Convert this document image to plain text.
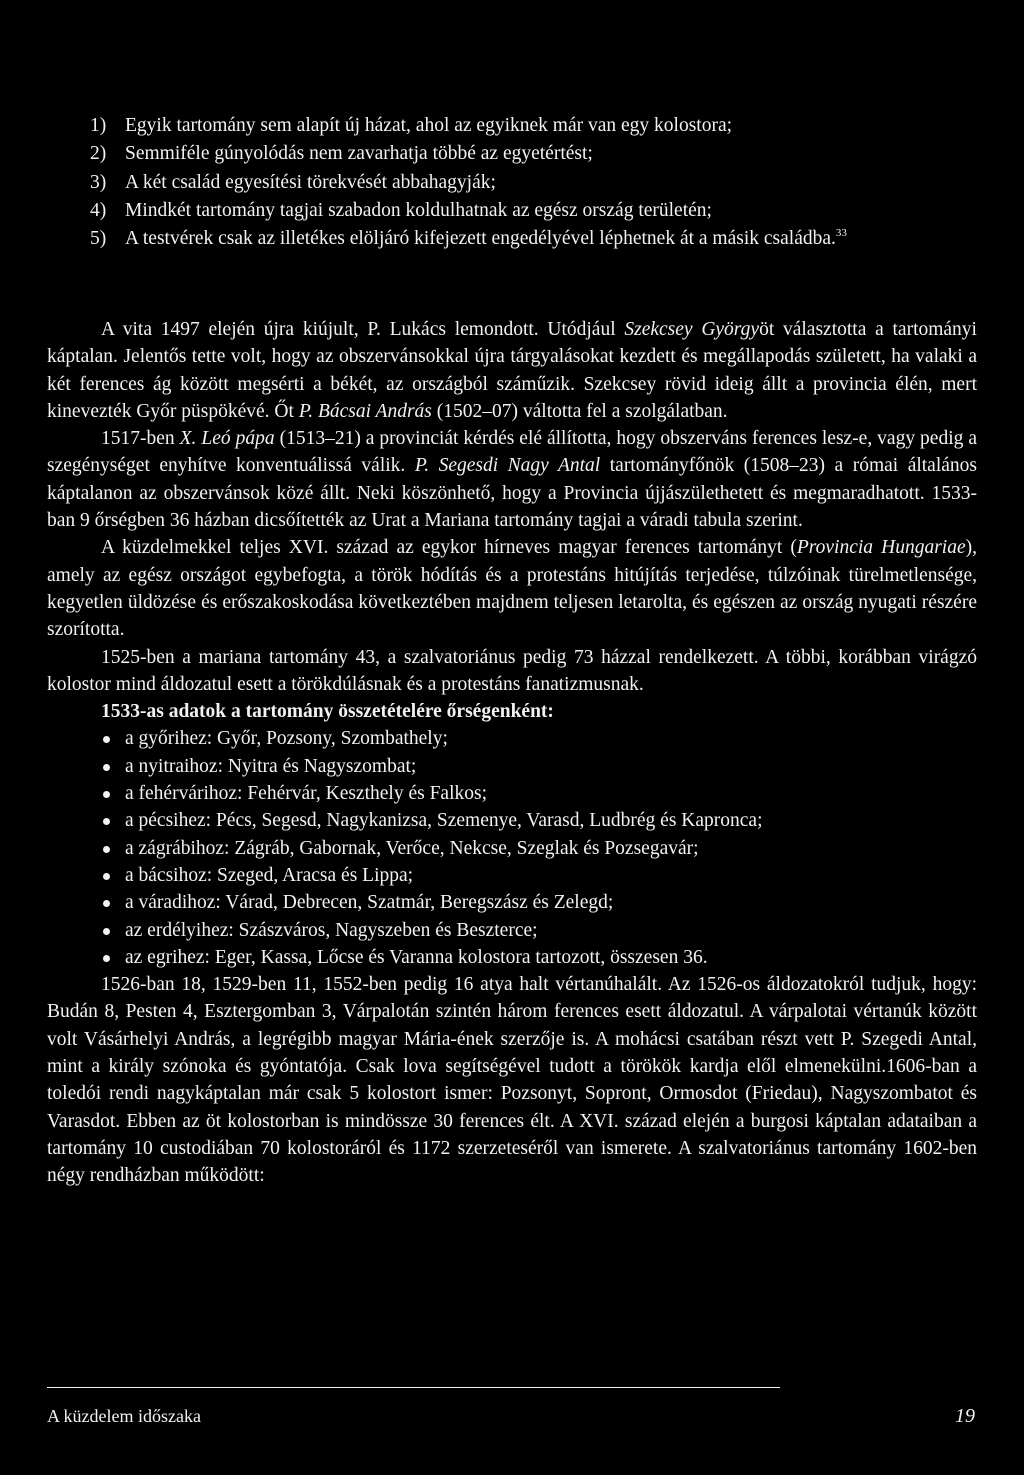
1) Egyik tartomány sem alapít új házat, ahol az egyiknek már van egy kolostora;
2) Semmiféle gúnyolódás nem zavarhatja többé az egyetértést;
3) A két család egyesítési törekvését abbahagyják;
4) Mindkét tartomány tagjai szabadon koldulhatnak az egész ország területén;
5) A testvérek csak az illetékes elöljáró kifejezett engedélyével léphetnek át a másik családba.$^{33}$

A vita 1497 elején újra kiújult, P. Lukács lemondott. Utódjául Szekcsey Györgyöt választotta a tartományi káptalan. Jelentős tette volt, hogy az obszervánsokkal újra tárgyalásokat kezdett és megállapodás született, ha valaki a két ferences ág között megsérti a békét, az országból száműzik. Szekcsey rövid ideig állt a provincia élén, mert kinevezték Győr püspökévé. Őt P. Bácsai András (1502–07) váltotta fel a szolgálatban.

1517-ben X. Leó pápa (1513–21) a provinciát kérdés elé állította, hogy obszerváns ferences lesz-e, vagy pedig a szegénységet enyhítve konventuálissá válik. P. Segesdi Nagy Antal tartományfőnök (1508–23) a római általános káptalanon az obszervánsok közé állt. Neki köszönhető, hogy a Provincia újjászülethetett és megmaradhatott. 1533-ban 9 őrségben 36 házban dicsőítették az Urat a Mariana tartomány tagjai a váradi tabula szerint.

A küzdelmekkel teljes XVI. század az egykor hírneves magyar ferences tartományt (Provincia Hungariae), amely az egész országot egybefogta, a török hódítás és a protestáns hitújítás terjedése, túlzóinak türelmetlensége, kegyetlen üldözése és erőszakoskodása következtében majdnem teljesen letarolta, és egészen az ország nyugati részére szorította.

1525-ben a mariana tartomány 43, a szalvatoriánus pedig 73 házzal rendelkezett. A többi, korábban virágzó kolostor mind áldozatul esett a törökdúlásnak és a protestáns fanatizmusnak.

1533-as adatok a tartomány összetételére őrségenként:

a győrihez: Győr, Pozsony, Szombathely;
a nyitraihoz: Nyitra és Nagyszombat;
a fehérvárihoz: Fehérvár, Keszthely és Falkos;
a pécsihez: Pécs, Segesd, Nagykanizsa, Szemenye, Varasd, Ludbrég és Kapronca;
a zágrábihoz: Zágráb, Gabornak, Verőce, Nekcse, Szeglak és Pozsegavár;
a bácsihoz: Szeged, Aracsa és Lippa;
a váradihoz: Várad, Debrecen, Szatmár, Beregszász és Zelegd;
az erdélyihez: Szászváros, Nagyszeben és Beszterce;
az egrihez: Eger, Kassa, Lőcse és Varanna kolostora tartozott, összesen 36.

1526-ban 18, 1529-ben 11, 1552-ben pedig 16 atya halt vértanúhalált. Az 1526-os áldozatokról tudjuk, hogy: Budán 8, Pesten 4, Esztergomban 3, Várpalotán szintén három ferences esett áldozatul. A várpalotai vértanúk között volt Vásárhelyi András, a legrégibb magyar Mária-ének szerzője is. A mohácsi csatában részt vett P. Szegedi Antal, mint a király szónoka és gyóntatója. Csak lova segítségével tudott a törökök kardja elől elmenekülni.1606-ban a toledói rendi nagykáptalan már csak 5 kolostort ismer: Pozsonyt, Sopront, Ormosdot (Friedau), Nagyszombatot és Varasdot. Ebben az öt kolostorban is mindössze 30 ferences élt. A XVI. század elején a burgosi káptalan adataiban a tartomány 10 custodiában 70 kolostoráról és 1172 szerzeteséről van ismerete. A szalvatoriánus tartomány 1602-ben négy rendházban működött:

A küzdelem időszaka	19
